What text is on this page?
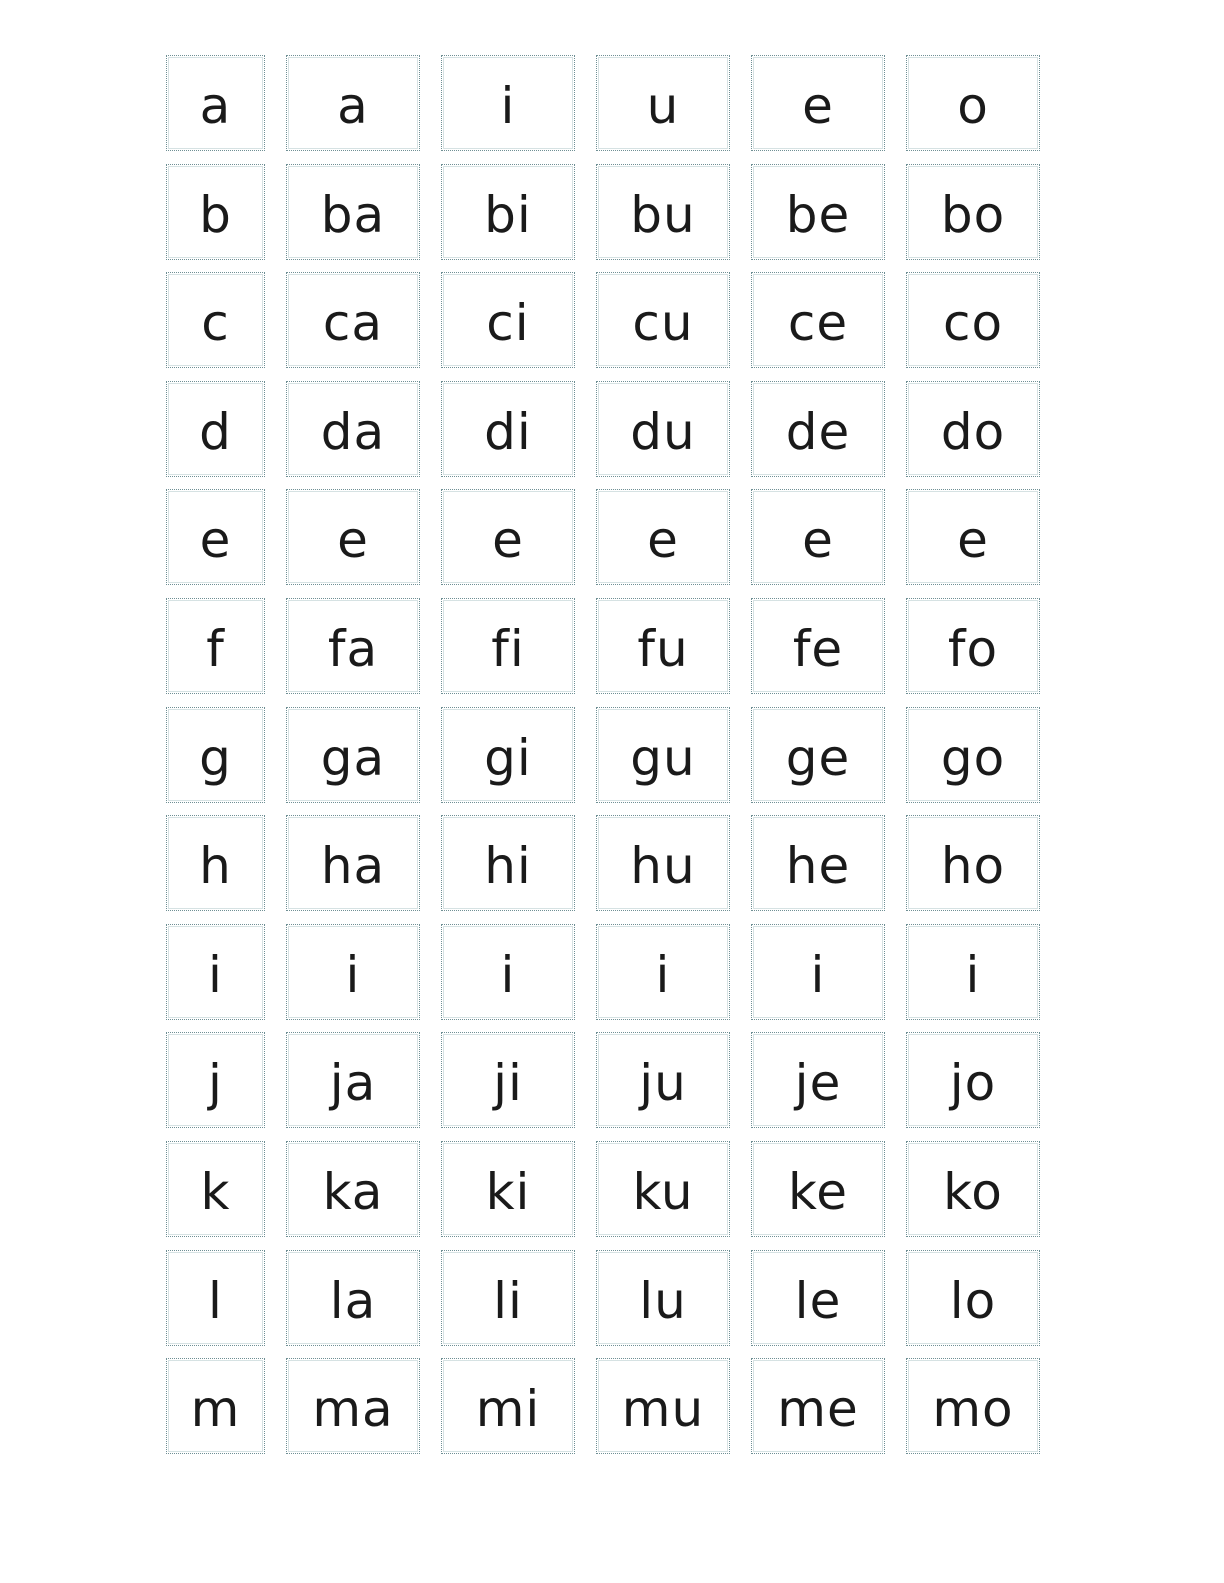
a a	i	u e o
b ba bi bu be bo
c ca ci cu ce co
d da di du de do
e e e e e e
f fa fi fu fe fo
g ga gi gu ge go
h ha hi hu he ho
i i	i	i	i	i
j ja ji ju je jo
k ka ki ku ke ko
l la li lu le lo
m ma mi mu me mo
